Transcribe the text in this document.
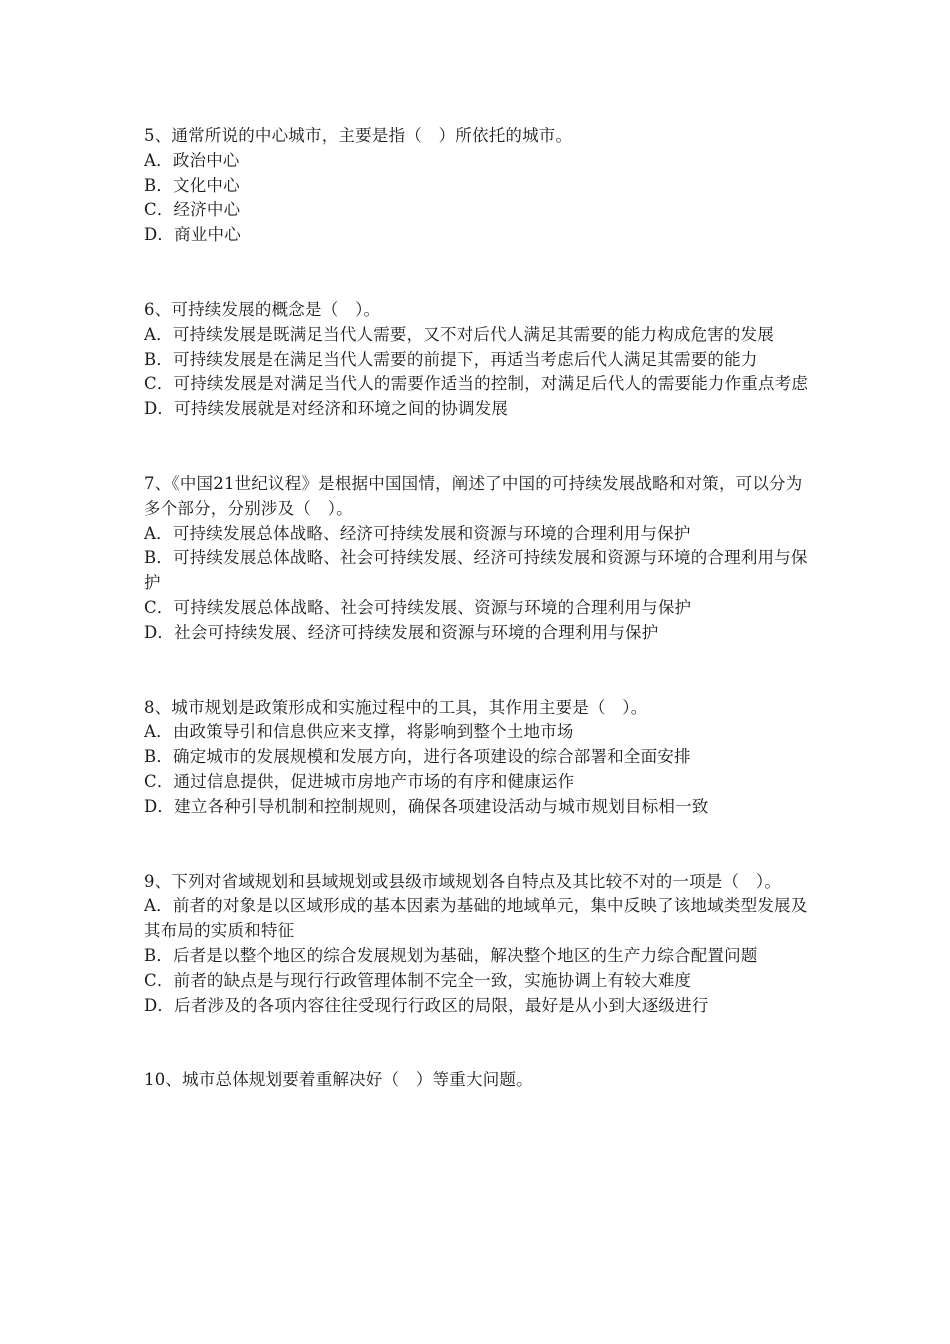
5、通常所说的中心城市，主要是指（　）所依托的城市。

A．政治中心

B．文化中心

C．经济中心

D．商业中心

6、可持续发展的概念是（　）。

A．可持续发展是既满足当代人需要，又不对后代人满足其需要的能力构成危害的发展

B．可持续发展是在满足当代人需要的前提下，再适当考虑后代人满足其需要的能力

C．可持续发展是对满足当代人的需要作适当的控制，对满足后代人的需要能力作重点考虑

D．可持续发展就是对经济和环境之间的协调发展

7、《中国21世纪议程》是根据中国国情，阐述了中国的可持续发展战略和对策，可以分为多个部分，分别涉及（　）。

A．可持续发展总体战略、经济可持续发展和资源与环境的合理利用与保护

B．可持续发展总体战略、社会可持续发展、经济可持续发展和资源与环境的合理利用与保护

C．可持续发展总体战略、社会可持续发展、资源与环境的合理利用与保护

D．社会可持续发展、经济可持续发展和资源与环境的合理利用与保护

8、城市规划是政策形成和实施过程中的工具，其作用主要是（　）。

A．由政策导引和信息供应来支撑，将影响到整个土地市场

B．确定城市的发展规模和发展方向，进行各项建设的综合部署和全面安排

C．通过信息提供，促进城市房地产市场的有序和健康运作

D．建立各种引导机制和控制规则，确保各项建设活动与城市规划目标相一致

9、下列对省域规划和县域规划或县级市域规划各自特点及其比较不对的一项是（　）。

A．前者的对象是以区域形成的基本因素为基础的地域单元，集中反映了该地域类型发展及其布局的实质和特征

B．后者是以整个地区的综合发展规划为基础，解决整个地区的生产力综合配置问题

C．前者的缺点是与现行行政管理体制不完全一致，实施协调上有较大难度

D．后者涉及的各项内容往往受现行行政区的局限，最好是从小到大逐级进行

10、城市总体规划要着重解决好（　）等重大问题。
